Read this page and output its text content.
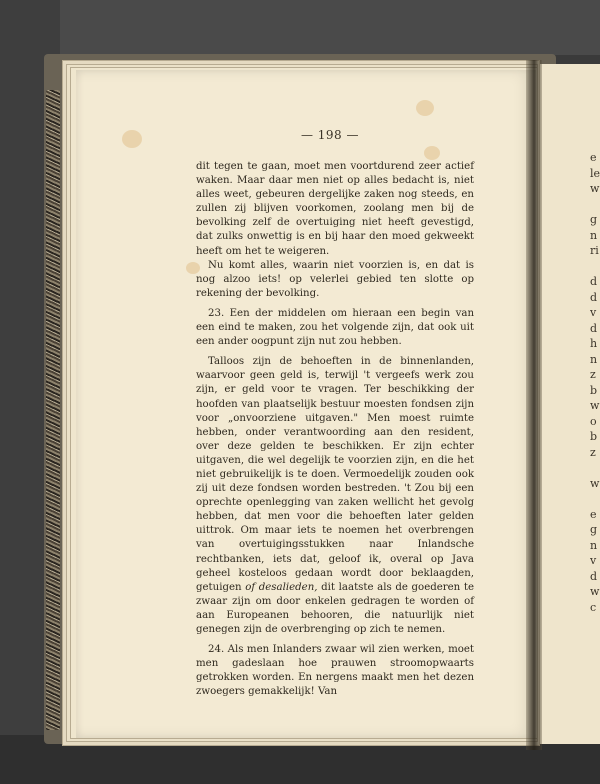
e
le
w

g
n
ri

d
d
v
d
h
n
z
b
w
o
b
z

w

e
g
n
v
d
w
c
— 198 —

dit tegen te gaan, moet men voortdurend zeer actief waken. Maar daar men niet op alles bedacht is, niet alles weet, gebeuren dergelijke zaken nog steeds, en zullen zij blijven voorkomen, zoolang men bij de bevolking zelf de overtuiging niet heeft gevestigd, dat zulks onwettig is en bij haar den moed gekweekt heeft om het te weigeren.

Nu komt alles, waarin niet voorzien is, en dat is nog alzoo iets! op velerlei gebied ten slotte op rekening der bevolking.

23. Een der middelen om hieraan een begin van een eind te maken, zou het volgende zijn, dat ook uit een ander oogpunt zijn nut zou hebben.

Talloos zijn de behoeften in de binnenlanden, waarvoor geen geld is, terwijl 't vergeefs werk zou zijn, er geld voor te vragen. Ter beschikking der hoofden van plaatselijk bestuur moesten fondsen zijn voor „onvoorziene uitgaven." Men moest ruimte hebben, onder verantwoording aan den resident, over deze gelden te beschikken. Er zijn echter uitgaven, die wel degelijk te voorzien zijn, en die het niet gebruikelijk is te doen. Vermoedelijk zouden ook zij uit deze fondsen worden bestreden. 't Zou bij een oprechte openlegging van zaken wellicht het gevolg hebben, dat men voor die behoeften later gelden uittrok. Om maar iets te noemen het overbrengen van overtuigingsstukken naar Inlandsche rechtbanken, iets dat, geloof ik, overal op Java geheel kosteloos gedaan wordt door beklaagden, getuigen of desalieden, dit laatste als de goederen te zwaar zijn om door enkelen gedragen te worden of aan Europeanen behooren, die natuurlijk niet genegen zijn de overbrenging op zich te nemen.

24. Als men Inlanders zwaar wil zien werken, moet men gadeslaan hoe prauwen stroomopwaarts getrokken worden. En nergens maakt men het dezen zwoegers gemakkelijk! Van
